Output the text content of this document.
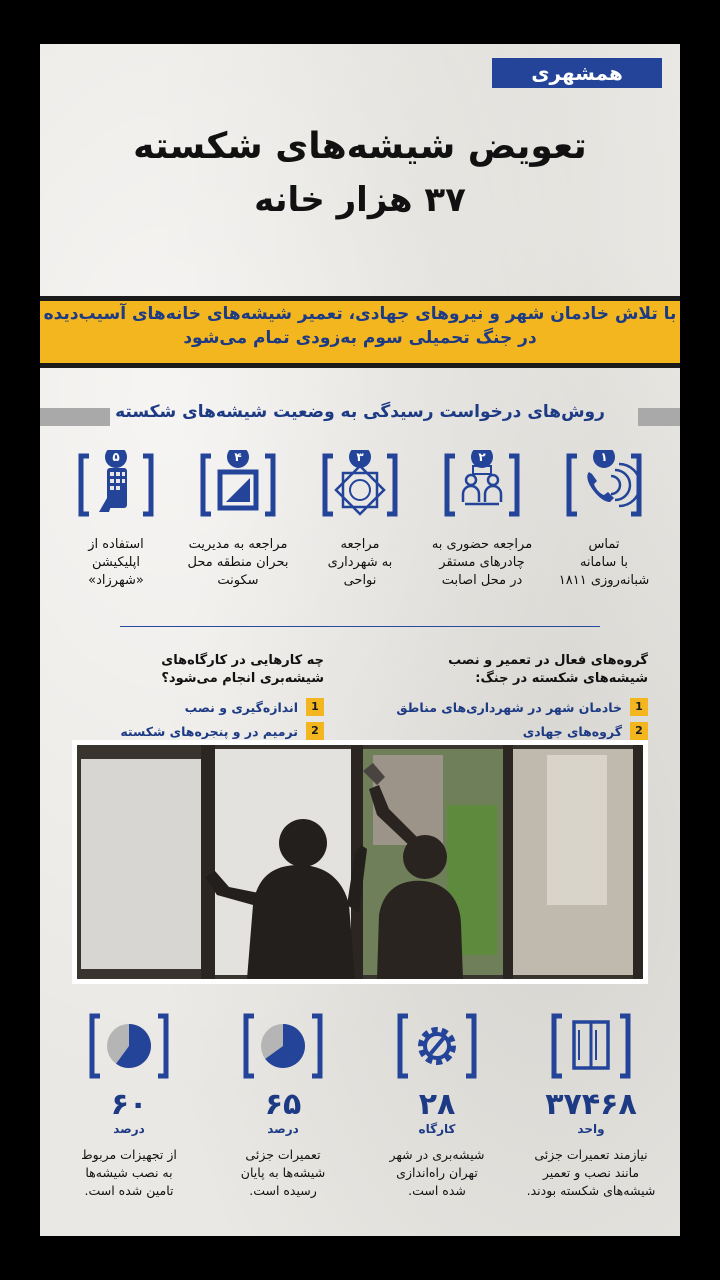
همشهری
تعویض شیشه‌های شکسته
۳۷ هزار خانه
با تلاش خادمان شهر و نیروهای جهادی، تعمیر شیشه‌های خانه‌های آسیب‌دیده
در جنگ تحمیلی سوم به‌زودی تمام می‌شود
روش‌های درخواست رسیدگی به وضعیت شیشه‌های شکسته
۱
تماس
با سامانه
شبانه‌روزی ۱۸۱۱
۲
مراجعه حضوری به
چادرهای مستقر
در محل اصابت
۳
مراجعه
به شهرداری
نواحی
۴
مراجعه به مدیریت
بحران منطقه محل
سکونت
۵
استفاده از
اپلیکیشن
«شهرزاد»
گروه‌های فعال در تعمیر و نصب
شیشه‌های شکسته در جنگ:
1
خادمان شهر در شهرداری‌های مناطق
2
گروه‌های جهادی
چه کارهایی در کارگاه‌های
شیشه‌بری انجام می‌شود؟
1
اندازه‌گیری و نصب
2
ترمیم در و پنجره‌های شکسته
۳۷۴۶۸
واحد
نیازمند تعمیرات جزئی
مانند نصب و تعمیر
شیشه‌های شکسته بودند.
۲۸
کارگاه
شیشه‌بری در شهر
تهران راه‌اندازی
شده است.
۶۵
درصد
تعمیرات جزئی
شیشه‌ها به پایان
رسیده است.
۶۰
درصد
از تجهیزات مربوط
به نصب شیشه‌ها
تامین شده است.
